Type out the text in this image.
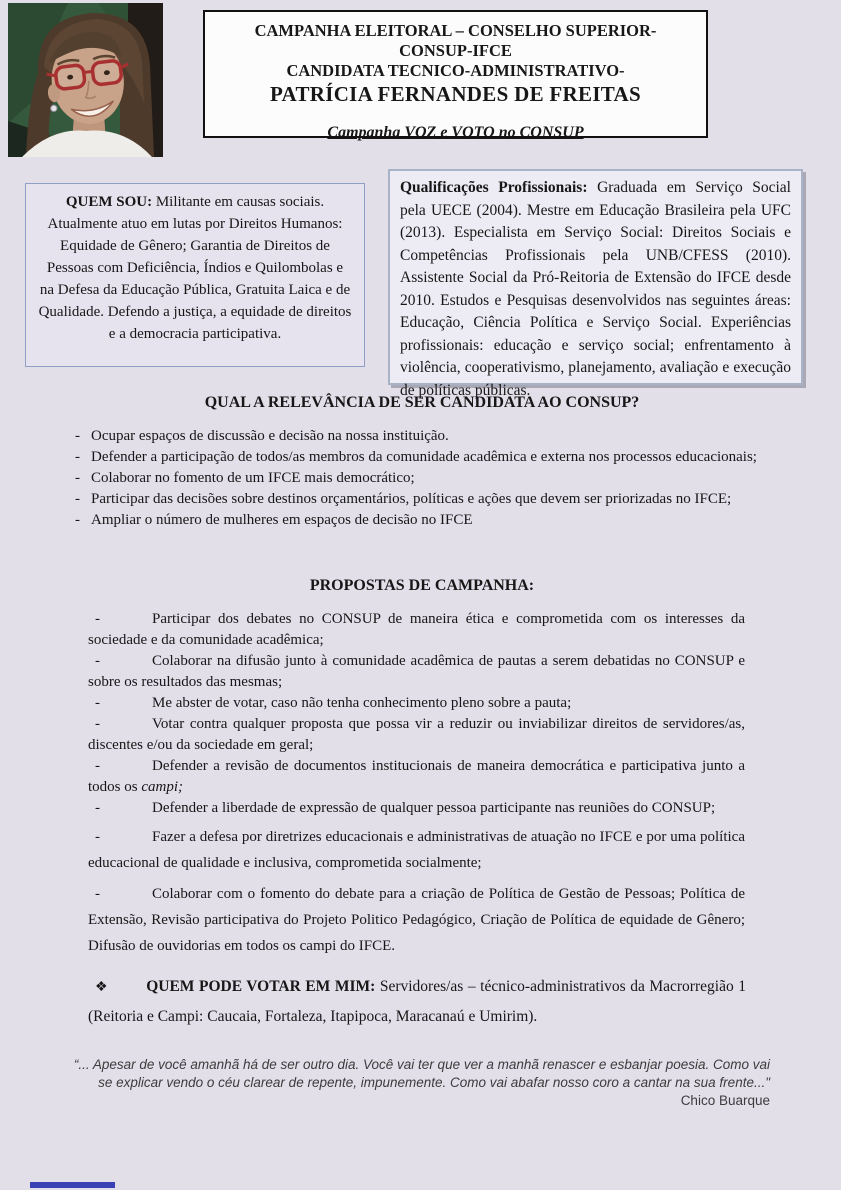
CAMPANHA ELEITORAL – CONSELHO SUPERIOR-
CONSUP-IFCE
CANDIDATA TECNICO-ADMINISTRATIVO-
PATRÍCIA FERNANDES DE FREITAS
Campanha VOZ e VOTO no CONSUP
QUEM SOU: Militante em causas sociais. Atualmente atuo em lutas por Direitos Humanos: Equidade de Gênero; Garantia de Direitos de Pessoas com Deficiência, Índios e Quilombolas e na Defesa da Educação Pública, Gratuita Laica e de Qualidade. Defendo a justiça, a equidade de direitos e a democracia participativa.
Qualificações Profissionais: Graduada em Serviço Social pela UECE (2004). Mestre em Educação Brasileira pela UFC (2013). Especialista em Serviço Social: Direitos Sociais e Competências Profissionais pela UNB/CFESS (2010). Assistente Social da Pró-Reitoria de Extensão do IFCE desde 2010. Estudos e Pesquisas desenvolvidos nas seguintes áreas: Educação, Ciência Política e Serviço Social. Experiências profissionais: educação e serviço social; enfrentamento à violência, cooperativismo, planejamento, avaliação e execução de políticas públicas.
QUAL A RELEVÂNCIA DE SER CANDIDATA AO CONSUP?

- Ocupar espaços de discussão e decisão na nossa instituição.

- Defender a participação de todos/as membros da comunidade acadêmica e externa nos processos educacionais;

- Colaborar no fomento de um IFCE mais democrático;

- Participar das decisões sobre destinos orçamentários, políticas e ações que devem ser priorizadas no IFCE;

- Ampliar o número de mulheres em espaços de decisão no IFCE

PROPOSTAS DE CAMPANHA:

-	Participar dos debates no CONSUP de maneira ética e comprometida com os interesses da sociedade e da comunidade acadêmica;

-	Colaborar na difusão junto à comunidade acadêmica de pautas a serem debatidas no CONSUP e sobre os resultados das mesmas;

-	Me abster de votar, caso não tenha conhecimento pleno sobre a pauta;

-	Votar contra qualquer proposta que possa vir a reduzir ou inviabilizar direitos de servidores/as, discentes e/ou da sociedade em geral;

-	Defender a revisão de documentos institucionais de maneira democrática e participativa junto a todos os campi;

-	Defender a liberdade de expressão de qualquer pessoa participante nas reuniões do CONSUP;

-	Fazer a defesa por diretrizes educacionais e administrativas de atuação no IFCE e por uma política educacional de qualidade e inclusiva, comprometida socialmente;

-	Colaborar com o fomento do debate para a criação de Política de Gestão de Pessoas; Política de Extensão, Revisão participativa do Projeto Politico Pedagógico, Criação de Política de equidade de Gênero; Difusão de ouvidorias em todos os campi do IFCE.

❖ QUEM PODE VOTAR EM MIM: Servidores/as – técnico-administrativos da Macrorregião 1 (Reitoria e Campi: Caucaia, Fortaleza, Itapipoca, Maracanaú e Umirim).
“... Apesar de você amanhã há de ser outro dia. Você vai ter que ver a manhã renascer e esbanjar poesia. Como vai se explicar vendo o céu clarear de repente, impunemente. Como vai abafar nosso coro a cantar na sua frente..." Chico Buarque
